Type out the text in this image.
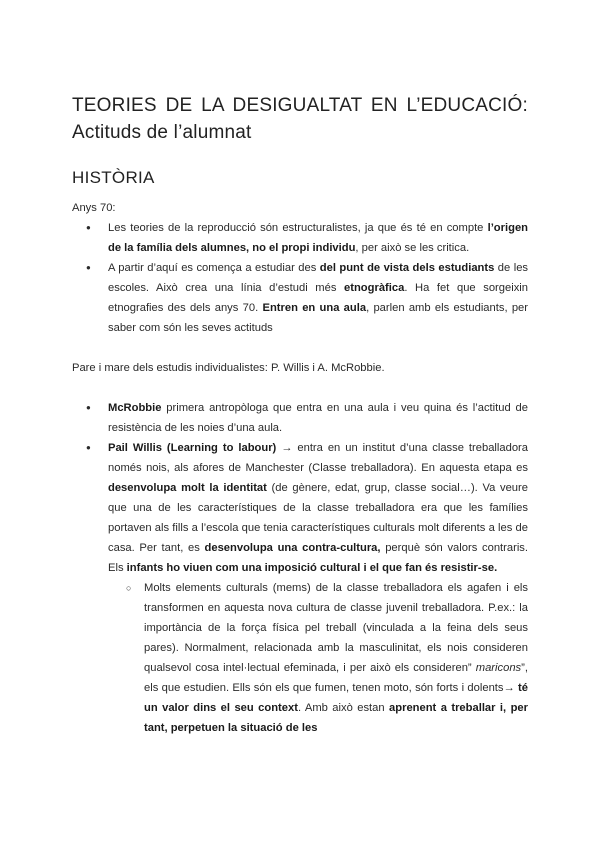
TEORIES DE LA DESIGUALTAT EN L’EDUCACIÓ:
Actituds de l’alumnat
HISTÒRIA

Anys 70:

● Les teories de la reproducció són estructuralistes, ja que és té en compte l’origen de la família dels alumnes, no el propi individu, per això se les critica.
● A partir d’aquí es comença a estudiar des del punt de vista dels estudiants de les escoles. Això crea una línia d’estudi més etnogràfica. Ha fet que sorgeixin etnografies des dels anys 70. Entren en una aula, parlen amb els estudiants, per saber com són les seves actituds

Pare i mare dels estudis individualistes: P. Willis i A. McRobbie.

● McRobbie primera antropòloga que entra en una aula i veu quina és l’actitud de resistència de les noies d’una aula.
● Pail Willis (Learning to labour) → entra en un institut d’una classe treballadora només nois, als afores de Manchester (Classe treballadora). En aquesta etapa es desenvolupa molt la identitat (de gènere, edat, grup, classe social…). Va veure que una de les característiques de la classe treballadora era que les famílies portaven als fills a l’escola que tenia característiques culturals molt diferents a les de casa. Per tant, es desenvolupa una contra-cultura, perquè són valors contraris. Els infants ho viuen com una imposició cultural i el que fan és resistir-se.
○ Molts elements culturals (mems) de la classe treballadora els agafen i els transformen en aquesta nova cultura de classe juvenil treballadora. P.ex.: la importància de la força física pel treball (vinculada a la feina dels seus pares). Normalment, relacionada amb la masculinitat, els nois consideren qualsevol cosa intel·lectual efeminada, i per això els consideren” maricons”, els que estudien. Ells són els que fumen, tenen moto, són forts i dolents→ té un valor dins el seu context. Amb això estan aprenent a treballar i, per tant, perpetuen la situació de les
